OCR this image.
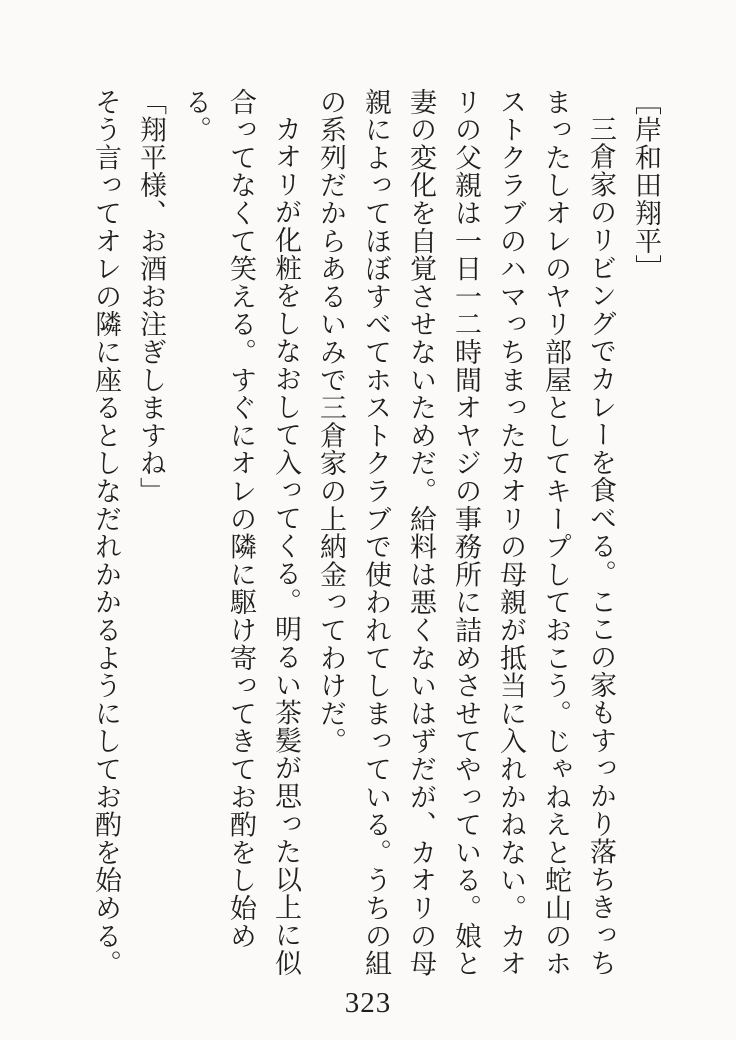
［岸和田翔平］

三倉家のリビングでカレーを食べる。ここの家もすっかり落ちきっちまったしオレのヤリ部屋としてキープしておこう。じゃねえと蛇山のホストクラブのハマっちまったカオリの母親が抵当に入れかねない。カオリの父親は一日一二時間オヤジの事務所に詰めさせてやっている。娘と妻の変化を自覚させないためだ。給料は悪くないはずだが、カオリの母親によってほぼすべてホストクラブで使われてしまっている。うちの組の系列だからあるいみで三倉家の上納金ってわけだ。

カオリが化粧をしなおして入ってくる。明るい茶髪が思った以上に似合ってなくて笑える。すぐにオレの隣に駆け寄ってきてお酌をし始める。

「翔平様、お酒お注ぎしますね」

そう言ってオレの隣に座るとしなだれかかるようにしてお酌を始める。

323
